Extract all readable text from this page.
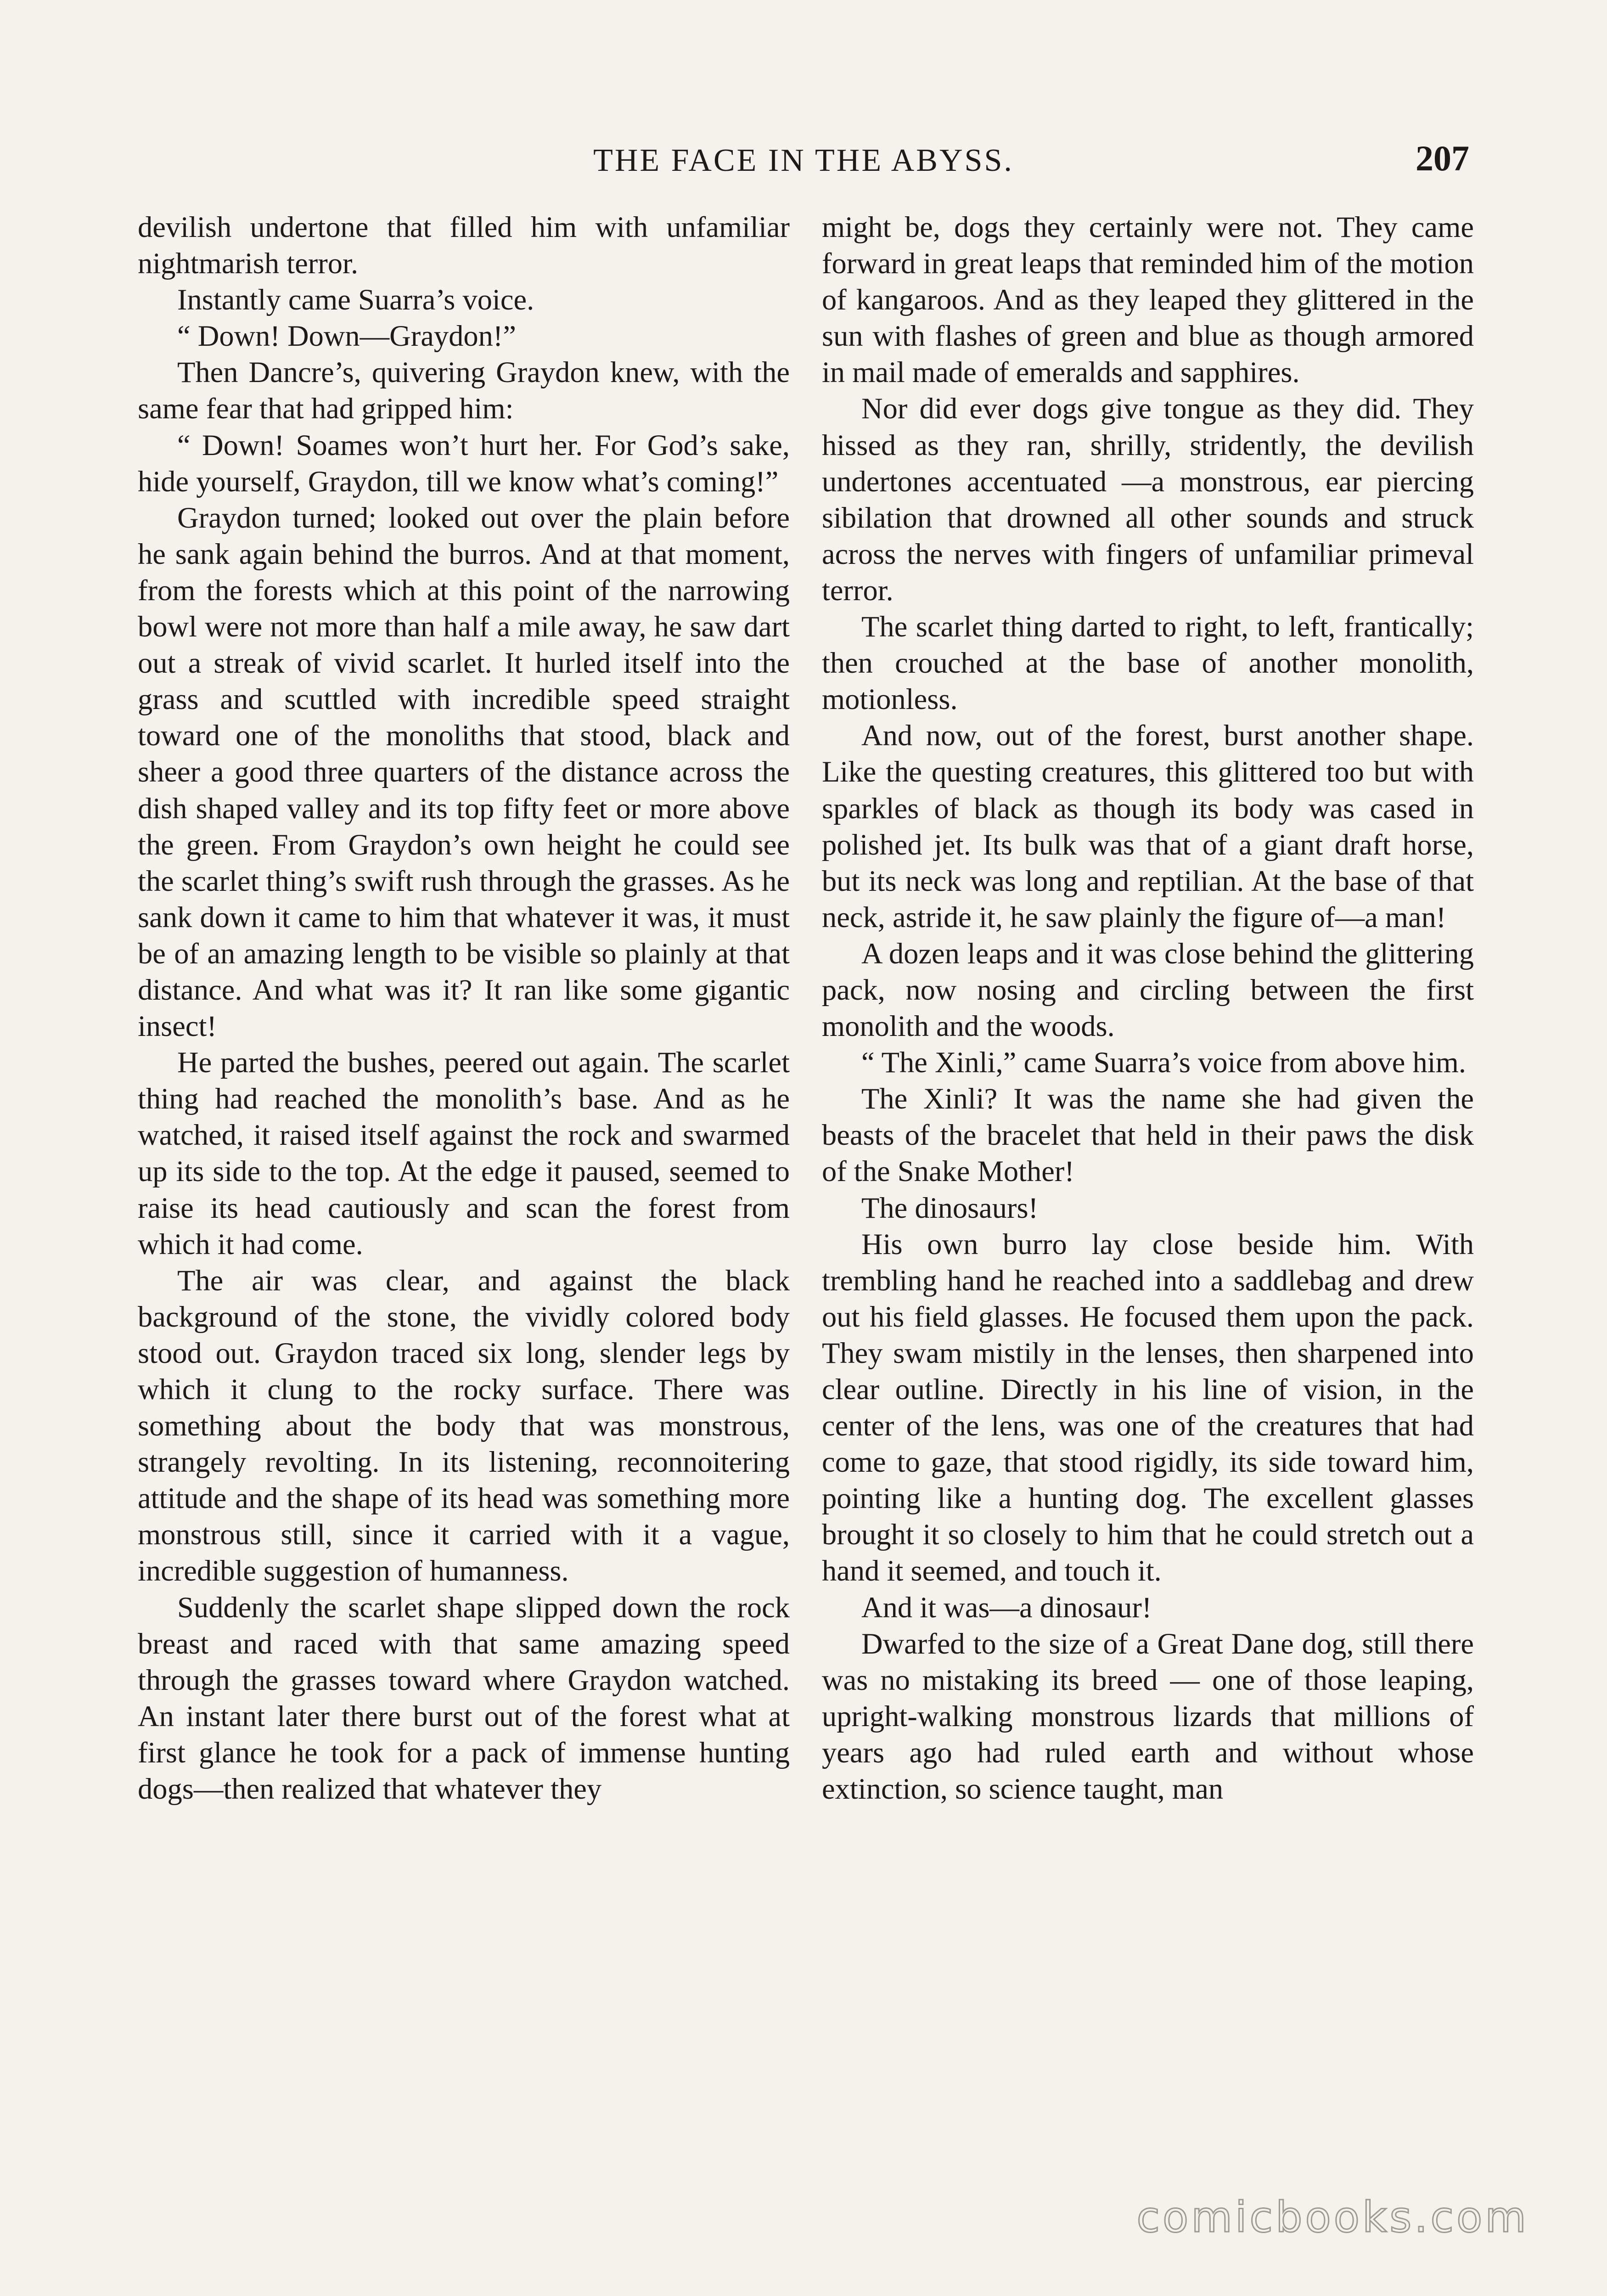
THE FACE IN THE ABYSS.	207

devilish undertone that filled him with unfamiliar nightmarish terror.

Instantly came Suarra’s voice.

“ Down! Down—Graydon!”

Then Dancre’s, quivering Graydon knew, with the same fear that had gripped him:

“ Down! Soames won’t hurt her. For God’s sake, hide yourself, Graydon, till we know what’s coming!”

Graydon turned; looked out over the plain before he sank again behind the burros. And at that moment, from the forests which at this point of the narrowing bowl were not more than half a mile away, he saw dart out a streak of vivid scarlet. It hurled itself into the grass and scuttled with incredible speed straight toward one of the monoliths that stood, black and sheer a good three quarters of the distance across the dish shaped valley and its top fifty feet or more above the green. From Graydon’s own height he could see the scarlet thing’s swift rush through the grasses. As he sank down it came to him that whatever it was, it must be of an amazing length to be visible so plainly at that distance. And what was it? It ran like some gigantic insect!

He parted the bushes, peered out again. The scarlet thing had reached the monolith’s base. And as he watched, it raised itself against the rock and swarmed up its side to the top. At the edge it paused, seemed to raise its head cautiously and scan the forest from which it had come.

The air was clear, and against the black background of the stone, the vividly colored body stood out. Graydon traced six long, slender legs by which it clung to the rocky surface. There was something about the body that was monstrous, strangely revolting. In its listening, reconnoitering attitude and the shape of its head was something more monstrous still, since it carried with it a vague, incredible suggestion of humanness.

Suddenly the scarlet shape slipped down the rock breast and raced with that same amazing speed through the grasses toward where Graydon watched. An instant later there burst out of the forest what at first glance he took for a pack of immense hunting dogs—then realized that whatever they

might be, dogs they certainly were not. They came forward in great leaps that reminded him of the motion of kangaroos. And as they leaped they glittered in the sun with flashes of green and blue as though armored in mail made of emeralds and sapphires.

Nor did ever dogs give tongue as they did. They hissed as they ran, shrilly, stridently, the devilish undertones accentuated —a monstrous, ear piercing sibilation that drowned all other sounds and struck across the nerves with fingers of unfamiliar primeval terror.

The scarlet thing darted to right, to left, frantically; then crouched at the base of another monolith, motionless.

And now, out of the forest, burst another shape. Like the questing creatures, this glittered too but with sparkles of black as though its body was cased in polished jet. Its bulk was that of a giant draft horse, but its neck was long and reptilian. At the base of that neck, astride it, he saw plainly the figure of—a man!

A dozen leaps and it was close behind the glittering pack, now nosing and circling between the first monolith and the woods.

“ The Xinli,” came Suarra’s voice from above him.

The Xinli? It was the name she had given the beasts of the bracelet that held in their paws the disk of the Snake Mother!

The dinosaurs!

His own burro lay close beside him. With trembling hand he reached into a saddlebag and drew out his field glasses. He focused them upon the pack. They swam mistily in the lenses, then sharpened into clear outline. Directly in his line of vision, in the center of the lens, was one of the creatures that had come to gaze, that stood rigidly, its side toward him, pointing like a hunting dog. The excellent glasses brought it so closely to him that he could stretch out a hand it seemed, and touch it.

And it was—a dinosaur!

Dwarfed to the size of a Great Dane dog, still there was no mistaking its breed — one of those leaping, upright-walking monstrous lizards that millions of years ago had ruled earth and without whose extinction, so science taught, man

comicbooks.com
